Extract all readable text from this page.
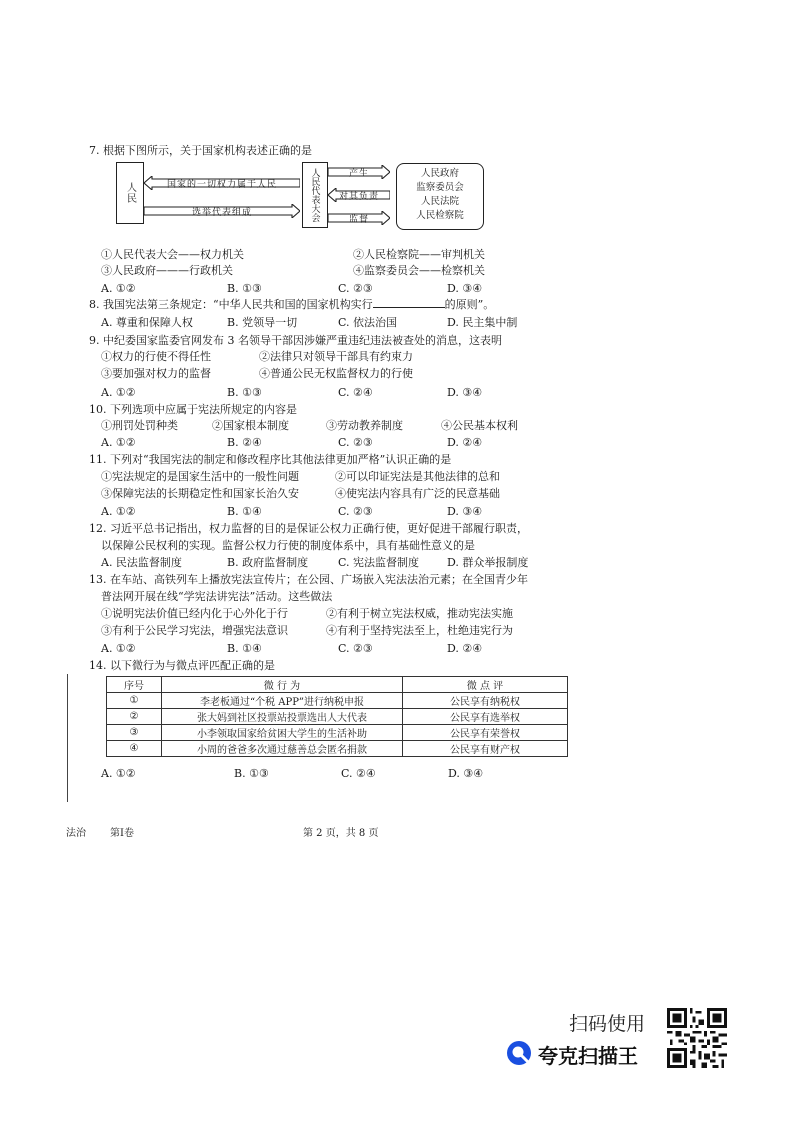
7. 根据下图所示，关于国家机构表述正确的是
人民	人民代表大会
国家的一切权力属于人民
选举代表组成
产生
对其负责
监督
人民政府
监察委员会
人民法院
人民检察院
①人民代表大会——权力机关	②人民检察院——审判机关
③人民政府———行政机关	④监察委员会——检察机关
A. ①②	B. ①③	C. ②③	D. ③④
8. 我国宪法第三条规定：“中华人民共和国的国家机构实行	的原则”。
A. 尊重和保障人权	B. 党领导一切	C. 依法治国	D. 民主集中制
9. 中纪委国家监委官网发布 3 名领导干部因涉嫌严重违纪违法被查处的消息，这表明
①权力的行使不得任性	②法律只对领导干部具有约束力
③要加强对权力的监督	④普通公民无权监督权力的行使
A. ①②	B. ①③	C. ②④	D. ③④
10. 下列选项中应属于宪法所规定的内容是
①刑罚处罚种类	②国家根本制度	③劳动教养制度	④公民基本权利
A. ①②	B. ②④	C. ②③	D. ②④
11. 下列对“我国宪法的制定和修改程序比其他法律更加严格”认识正确的是
①宪法规定的是国家生活中的一般性问题	②可以印证宪法是其他法律的总和
③保障宪法的长期稳定性和国家长治久安	④使宪法内容具有广泛的民意基础
A. ①②	B. ①④	C. ②③	D. ③④
12. 习近平总书记指出，权力监督的目的是保证公权力正确行使，更好促进干部履行职责，
以保障公民权利的实现。监督公权力行使的制度体系中，具有基础性意义的是
A. 民法监督制度	B. 政府监督制度	C. 宪法监督制度	D. 群众举报制度
13. 在车站、高铁列车上播放宪法宣传片；在公园、广场嵌入宪法法治元素；在全国青少年
普法网开展在线“学宪法讲宪法”活动。这些做法
①说明宪法价值已经内化于心外化于行	②有利于树立宪法权威，推动宪法实施
③有利于公民学习宪法，增强宪法意识	④有利于坚持宪法至上，杜绝违宪行为
A. ①②	B. ①④	C. ②③	D. ②④
14. 以下微行为与微点评匹配正确的是
序号	微 行 为	微 点 评
①	李老板通过“个税 APP”进行纳税申报	公民享有纳税权
②	张大妈到社区投票站投票选出人大代表	公民享有选举权
③	小李领取国家给贫困大学生的生活补助	公民享有荣誉权
④	小周的爸爸多次通过慈善总会匿名捐款	公民享有财产权
A. ①②	B. ①③	C. ②④	D. ③④
法治 第Ⅰ卷	第 2 页，共 8 页
扫码使用
夸克扫描王
